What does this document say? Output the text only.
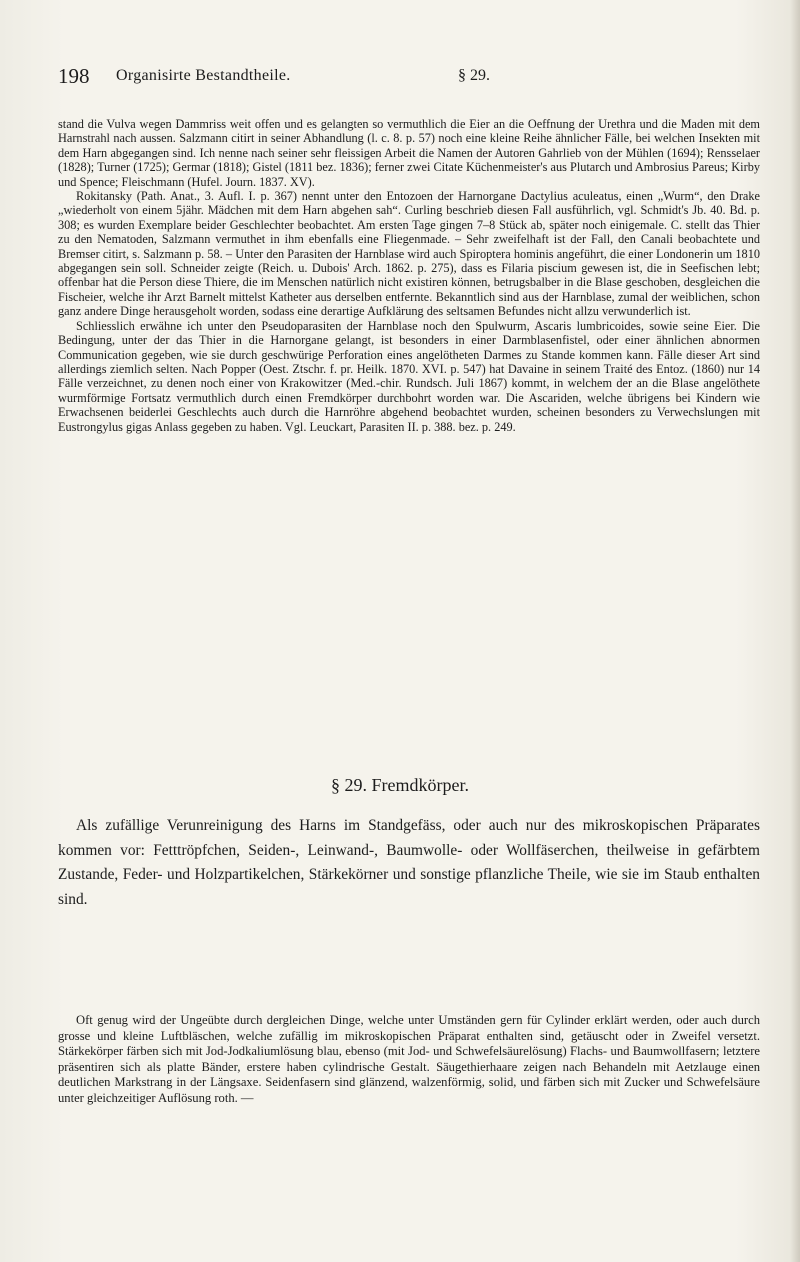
198 Organisirte Bestandtheile.	§ 29.

stand die Vulva wegen Dammriss weit offen und es gelangten so vermuthlich die Eier an die Oeffnung der Urethra und die Maden mit dem Harnstrahl nach aussen. Salzmann citirt in seiner Abhandlung (l. c. 8. p. 57) noch eine kleine Reihe ähnlicher Fälle, bei welchen Insekten mit dem Harn abgegangen sind. Ich nenne nach seiner sehr fleissigen Arbeit die Namen der Autoren Gahrlieb von der Mühlen (1694); Rensselaer (1828); Turner (1725); Germar (1818); Gistel (1811 bez. 1836); ferner zwei Citate Küchenmeister's aus Plutarch und Ambrosius Pareus; Kirby und Spence; Fleischmann (Hufel. Journ. 1837. XV).

Rokitansky (Path. Anat., 3. Aufl. I. p. 367) nennt unter den Entozoen der Harnorgane Dactylius aculeatus, einen „Wurm“, den Drake „wiederholt von einem 5jähr. Mädchen mit dem Harn abgehen sah“. Curling beschrieb diesen Fall ausführlich, vgl. Schmidt's Jb. 40. Bd. p. 308; es wurden Exemplare beider Geschlechter beobachtet. Am ersten Tage gingen 7–8 Stück ab, später noch einigemale. C. stellt das Thier zu den Nematoden, Salzmann vermuthet in ihm ebenfalls eine Fliegenmade. – Sehr zweifelhaft ist der Fall, den Canali beobachtete und Bremser citirt, s. Salzmann p. 58. – Unter den Parasiten der Harnblase wird auch Spiroptera hominis angeführt, die einer Londonerin um 1810 abgegangen sein soll. Schneider zeigte (Reich. u. Dubois' Arch. 1862. p. 275), dass es Filaria piscium gewesen ist, die in Seefischen lebt; offenbar hat die Person diese Thiere, die im Menschen natürlich nicht existiren können, betrugsbalber in die Blase geschoben, desgleichen die Fischeier, welche ihr Arzt Barnelt mittelst Katheter aus derselben entfernte. Bekanntlich sind aus der Harnblase, zumal der weiblichen, schon ganz andere Dinge herausgeholt worden, sodass eine derartige Aufklärung des seltsamen Befundes nicht allzu verwunderlich ist.

Schliesslich erwähne ich unter den Pseudoparasiten der Harnblase noch den Spulwurm, Ascaris lumbricoides, sowie seine Eier. Die Bedingung, unter der das Thier in die Harnorgane gelangt, ist besonders in einer Darmblasenfistel, oder einer ähnlichen abnormen Communication gegeben, wie sie durch geschwürige Perforation eines angelötheten Darmes zu Stande kommen kann. Fälle dieser Art sind allerdings ziemlich selten. Nach Popper (Oest. Ztschr. f. pr. Heilk. 1870. XVI. p. 547) hat Davaine in seinem Traité des Entoz. (1860) nur 14 Fälle verzeichnet, zu denen noch einer von Krakowitzer (Med.-chir. Rundsch. Juli 1867) kommt, in welchem der an die Blase angelöthete wurmförmige Fortsatz vermuthlich durch einen Fremdkörper durchbohrt worden war. Die Ascariden, welche übrigens bei Kindern wie Erwachsenen beiderlei Geschlechts auch durch die Harnröhre abgehend beobachtet wurden, scheinen besonders zu Verwechslungen mit Eustrongylus gigas Anlass gegeben zu haben. Vgl. Leuckart, Parasiten II. p. 388. bez. p. 249.

§ 29. Fremdkörper.

Als zufällige Verunreinigung des Harns im Standgefäss, oder auch nur des mikroskopischen Präparates kommen vor: Fetttröpfchen, Seiden-, Leinwand-, Baumwolle- oder Wollfäserchen, theilweise in gefärbtem Zustande, Feder- und Holzpartikelchen, Stärkekörner und sonstige pflanzliche Theile, wie sie im Staub enthalten sind.

Oft genug wird der Ungeübte durch dergleichen Dinge, welche unter Umständen gern für Cylinder erklärt werden, oder auch durch grosse und kleine Luftbläschen, welche zufällig im mikroskopischen Präparat enthalten sind, getäuscht oder in Zweifel versetzt. Stärkekörper färben sich mit Jod-Jodkaliumlösung blau, ebenso (mit Jod- und Schwefelsäurelösung) Flachs- und Baumwollfasern; letztere präsentiren sich als platte Bänder, erstere haben cylindrische Gestalt. Säugethierhaare zeigen nach Behandeln mit Aetzlauge einen deutlichen Markstrang in der Längsaxe. Seidenfasern sind glänzend, walzenförmig, solid, und färben sich mit Zucker und Schwefelsäure unter gleichzeitiger Auflösung roth. —
